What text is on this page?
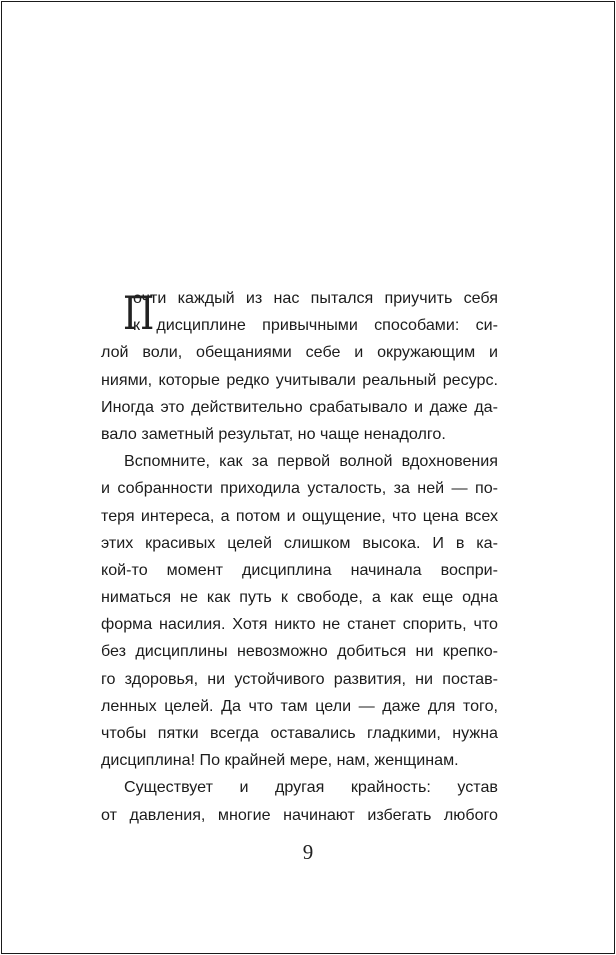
П
очти каждый из нас пытался приучить себя
к дисциплине привычными способами: си-
лой воли, обещаниями себе и окружающим и
ниями, которые редко учитывали реальный ресурс.
Иногда это действительно срабатывало и даже да-
вало заметный результат, но чаще ненадолго.
Вспомните, как за первой волной вдохновения
и собранности приходила усталость, за ней — по-
теря интереса, а потом и ощущение, что цена всех
этих красивых целей слишком высока. И в ка-
кой-то момент дисциплина начинала воспри-
ниматься не как путь к свободе, а как еще одна
форма насилия. Хотя никто не станет спорить, что
без дисциплины невозможно добиться ни крепко-
го здоровья, ни устойчивого развития, ни постав-
ленных целей. Да что там цели — даже для того,
чтобы пятки всегда оставались гладкими, нужна
дисциплина! По крайней мере, нам, женщинам.
Существует и другая крайность: устав
от давления, многие начинают избегать любого
9
